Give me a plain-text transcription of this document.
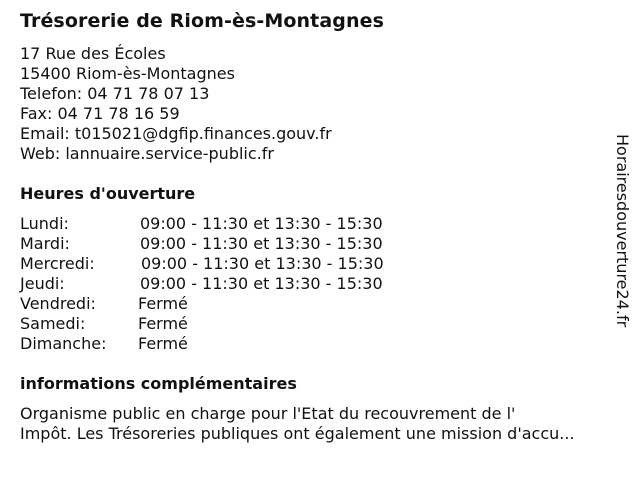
Trésorerie de Riom-ès-Montagnes
17 Rue des Écoles
15400 Riom-ès-Montagnes
Telefon: 04 71 78 07 13
Fax: 04 71 78 16 59
Email: t015021@dgfip.finances.gouv.fr
Web: lannuaire.service-public.fr
Heures d'ouverture
Lundi:	09:00 - 11:30 et 13:30 - 15:30
Mardi:	09:00 - 11:30 et 13:30 - 15:30
Mercredi:	09:00 - 11:30 et 13:30 - 15:30
Jeudi:	09:00 - 11:30 et 13:30 - 15:30
Vendredi:	Fermé
Samedi:	Fermé
Dimanche: Fermé
informations complémentaires
Organisme public en charge pour l'Etat du recouvrement de l'
Impôt. Les Trésoreries publiques ont également une mission d'accu...
Horairesdouverture24.fr
